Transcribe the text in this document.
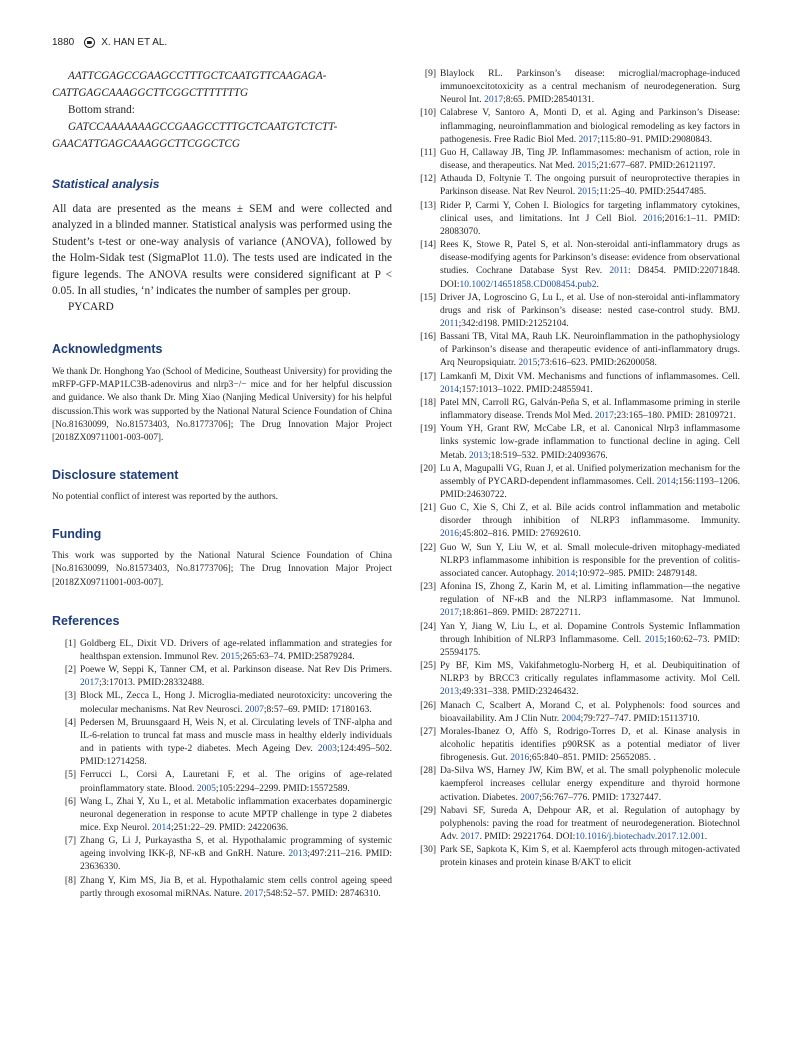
1880	X. HAN ET AL.
AATTCGAGCCGAAGCCTTTGCTCAATGTTCAAGAGA-
CATTGAGCAAAGGCTTCGGCTTTTTTTG
Bottom strand:
GATCCAAAAAAAGCCGAAGCCTTTGCTCAATGTCTCTT-
GAACATTGAGCAAAGGCTTCGGCTCG
Statistical analysis

All data are presented as the means ± SEM and were collected and analyzed in a blinded manner. Statistical analysis was performed using the Student’s t-test or one-way analysis of variance (ANOVA), followed by the Holm-Sidak test (SigmaPlot 11.0). The tests used are indicated in the figure legends. The ANOVA results were considered significant at P < 0.05. In all studies, ‘n’ indicates the number of samples per group.
PYCARD

Acknowledgments

We thank Dr. Honghong Yao (School of Medicine, Southeast University) for providing the mRFP-GFP-MAP1LC3B-adenovirus and nlrp3−/− mice and for her helpful discussion and guidance. We also thank Dr. Ming Xiao (Nanjing Medical University) for his helpful discussion.This work was supported by the National Natural Science Foundation of China [No.81630099, No.81573403, No.81773706]; The Drug Innovation Major Project [2018ZX09711001-003-007].

Disclosure statement

No potential conflict of interest was reported by the authors.

Funding

This work was supported by the National Natural Science Foundation of China [No.81630099, No.81573403, No.81773706]; The Drug Innovation Major Project [2018ZX09711001-003-007].

References
[1] Goldberg EL, Dixit VD. Drivers of age-related inflammation and strategies for healthspan extension. Immunol Rev. 2015;265:63–74. PMID:25879284.
[2] Poewe W, Seppi K, Tanner CM, et al. Parkinson disease. Nat Rev Dis Primers. 2017;3:17013. PMID:28332488.
[3] Block ML, Zecca L, Hong J. Microglia-mediated neurotoxicity: uncovering the molecular mechanisms. Nat Rev Neurosci. 2007;8:57–69. PMID: 17180163.
[4] Pedersen M, Bruunsgaard H, Weis N, et al. Circulating levels of TNF-alpha and IL-6-relation to truncal fat mass and muscle mass in healthy elderly individuals and in patients with type-2 diabetes. Mech Ageing Dev. 2003;124:495–502. PMID:12714258.
[5] Ferrucci L, Corsi A, Lauretani F, et al. The origins of age-related proinflammatory state. Blood. 2005;105:2294–2299. PMID:15572589.
[6] Wang L, Zhai Y, Xu L, et al. Metabolic inflammation exacerbates dopaminergic neuronal degeneration in response to acute MPTP challenge in type 2 diabetes mice. Exp Neurol. 2014;251:22–29. PMID: 24220636.
[7] Zhang G, Li J, Purkayastha S, et al. Hypothalamic programming of systemic ageing involving IKK-β, NF-κB and GnRH. Nature. 2013;497:211–216. PMID: 23636330.
[8] Zhang Y, Kim MS, Jia B, et al. Hypothalamic stem cells control ageing speed partly through exosomal miRNAs. Nature. 2017;548:52–57. PMID: 28746310.
[9] Blaylock RL. Parkinson’s disease: microglial/macrophage-induced immunoexcitotoxicity as a central mechanism of neurodegeneration. Surg Neurol Int. 2017;8:65. PMID:28540131.
[10] Calabrese V, Santoro A, Monti D, et al. Aging and Parkinson’s Disease: inflammaging, neuroinflammation and biological remodeling as key factors in pathogenesis. Free Radic Biol Med. 2017;115:80–91. PMID:29080843.
[11] Guo H, Callaway JB, Ting JP. Inflammasomes: mechanism of action, role in disease, and therapeutics. Nat Med. 2015;21:677–687. PMID:26121197.
[12] Athauda D, Foltynie T. The ongoing pursuit of neuroprotective therapies in Parkinson disease. Nat Rev Neurol. 2015;11:25–40. PMID:25447485.
[13] Rider P, Carmi Y, Cohen I. Biologics for targeting inflammatory cytokines, clinical uses, and limitations. Int J Cell Biol. 2016;2016:1–11. PMID: 28083070.
[14] Rees K, Stowe R, Patel S, et al. Non-steroidal anti-inflammatory drugs as disease-modifying agents for Parkinson’s disease: evidence from observational studies. Cochrane Database Syst Rev. 2011: D8454. PMID:22071848. DOI:10.1002/14651858.CD008454.pub2.
[15] Driver JA, Logroscino G, Lu L, et al. Use of non-steroidal anti-inflammatory drugs and risk of Parkinson’s disease: nested case-control study. BMJ. 2011;342:d198. PMID:21252104.
[16] Bassani TB, Vital MA, Rauh LK. Neuroinflammation in the pathophysiology of Parkinson’s disease and therapeutic evidence of anti-inflammatory drugs. Arq Neuropsiquiatr. 2015;73:616–623. PMID:26200058.
[17] Lamkanfi M, Dixit VM. Mechanisms and functions of inflammasomes. Cell. 2014;157:1013–1022. PMID:24855941.
[18] Patel MN, Carroll RG, Galván-Peña S, et al. Inflammasome priming in sterile inflammatory disease. Trends Mol Med. 2017;23:165–180. PMID: 28109721.
[19] Youm YH, Grant RW, McCabe LR, et al. Canonical Nlrp3 inflammasome links systemic low-grade inflammation to functional decline in aging. Cell Metab. 2013;18:519–532. PMID:24093676.
[20] Lu A, Magupalli VG, Ruan J, et al. Unified polymerization mechanism for the assembly of PYCARD-dependent inflammasomes. Cell. 2014;156:1193–1206. PMID:24630722.
[21] Guo C, Xie S, Chi Z, et al. Bile acids control inflammation and metabolic disorder through inhibition of NLRP3 inflammasome. Immunity. 2016;45:802–816. PMID: 27692610.
[22] Guo W, Sun Y, Liu W, et al. Small molecule-driven mitophagy-mediated NLRP3 inflammasome inhibition is responsible for the prevention of colitis-associated cancer. Autophagy. 2014;10:972–985. PMID: 24879148.
[23] Afonina IS, Zhong Z, Karin M, et al. Limiting inflammation—the negative regulation of NF-κB and the NLRP3 inflammasome. Nat Immunol. 2017;18:861–869. PMID: 28722711.
[24] Yan Y, Jiang W, Liu L, et al. Dopamine Controls Systemic Inflammation through Inhibition of NLRP3 Inflammasome. Cell. 2015;160:62–73. PMID: 25594175.
[25] Py BF, Kim MS, Vakifahmetoglu-Norberg H, et al. Deubiquitination of NLRP3 by BRCC3 critically regulates inflammasome activity. Mol Cell. 2013;49:331–338. PMID:23246432.
[26] Manach C, Scalbert A, Morand C, et al. Polyphenols: food sources and bioavailability. Am J Clin Nutr. 2004;79:727–747. PMID:15113710.
[27] Morales-Ibanez O, Affò S, Rodrigo-Torres D, et al. Kinase analysis in alcoholic hepatitis identifies p90RSK as a potential mediator of liver fibrogenesis. Gut. 2016;65:840–851. PMID: 25652085. .
[28] Da-Silva WS, Harney JW, Kim BW, et al. The small polyphenolic molecule kaempferol increases cellular energy expenditure and thyroid hormone activation. Diabetes. 2007;56:767–776. PMID: 17327447.
[29] Nabavi SF, Sureda A, Dehpour AR, et al. Regulation of autophagy by polyphenols: paving the road for treatment of neurodegeneration. Biotechnol Adv. 2017. PMID: 29221764. DOI:10.1016/j.biotechadv.2017.12.001.
[30] Park SE, Sapkota K, Kim S, et al. Kaempferol acts through mitogen-activated protein kinases and protein kinase B/AKT to elicit
